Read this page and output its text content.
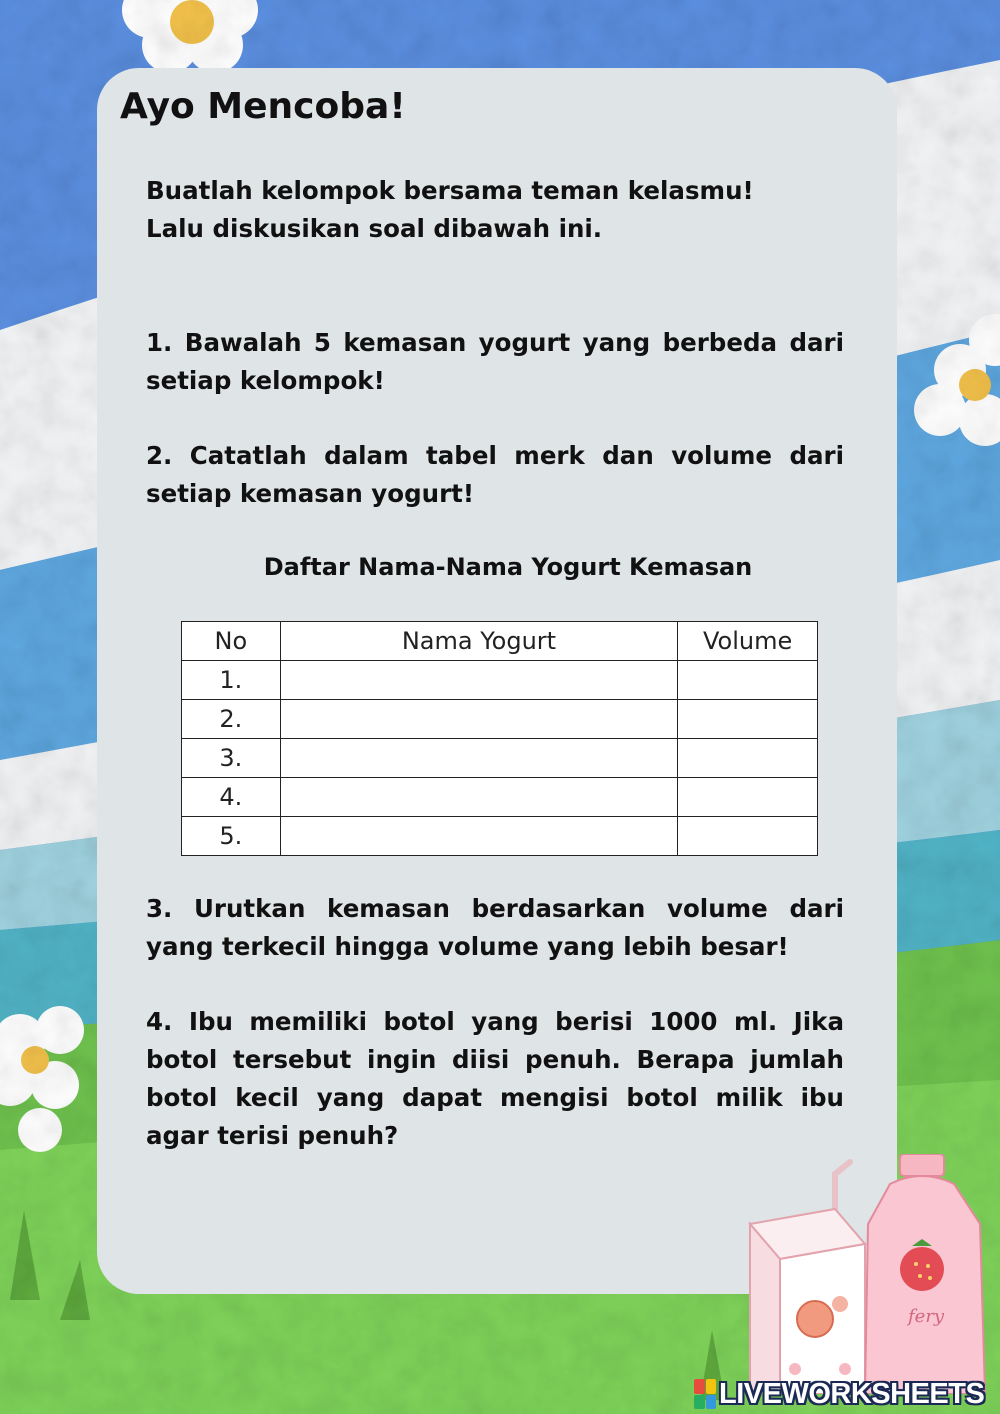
Ayo Mencoba!

Buatlah kelompok bersama teman kelasmu!

Lalu diskusikan soal dibawah ini.

1. Bawalah 5 kemasan yogurt yang berbeda dari setiap kelompok!

2. Catatlah dalam tabel merk dan volume dari setiap kemasan yogurt!

Daftar Nama-Nama Yogurt Kemasan

No	Nama Yogurt	Volume
1.		
2.		
3.		
4.		
5.		

3. Urutkan kemasan berdasarkan volume dari yang terkecil hingga volume yang lebih besar!

4. Ibu memiliki botol yang berisi 1000 ml. Jika botol tersebut ingin diisi penuh. Berapa jumlah botol kecil yang dapat mengisi botol milik ibu agar terisi penuh?

fery
LIVEWORKSHEETS
